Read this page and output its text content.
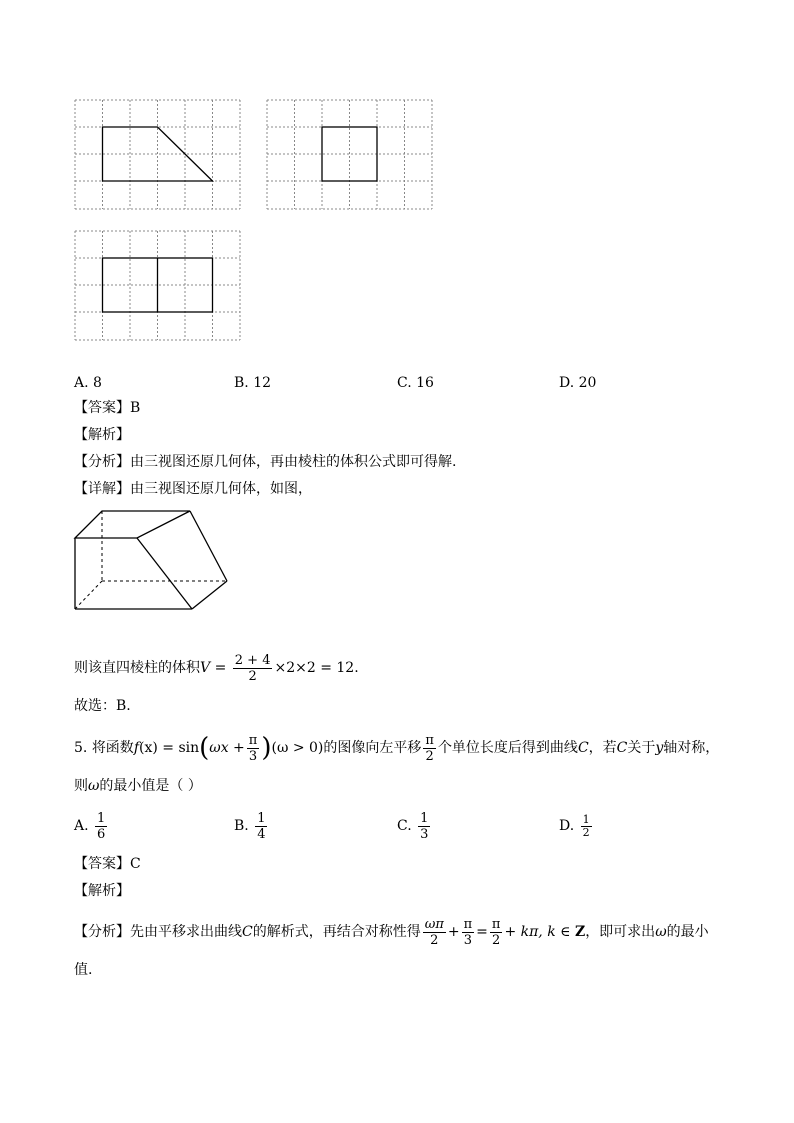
A. 8	B. 12	C. 16	D. 20
【答案】B
【解析】
【分析】由三视图还原几何体，再由棱柱的体积公式即可得解.
【详解】由三视图还原几何体，如图，
则该直四棱柱的体积$V = \frac{2 + 4}{2} \times 2\times 2 = 12$.
故选：B.
5. 将函数$f(x) = \sin(\omega x + \frac{\pi}{3} )(\omega > 0)$的图像向左平移 $\frac{\pi}{2}$ 个单位长度后得到曲线C，若C关于y轴对称，
则ω的最小值是（ ）
A. $\frac{1}{6}$	B. $\frac{1}{4}$	C. $\frac{1}{3}$	D. $\frac{1}{2}$
【答案】C
【解析】
【分析】先由平移求出曲线C的解析式，再结合对称性得 $\frac{\omega\pi}{2} + \frac{\pi}{3} = \frac{\pi}{2} + k\pi$, k ∈ Z，即可求出ω的最小
值.
